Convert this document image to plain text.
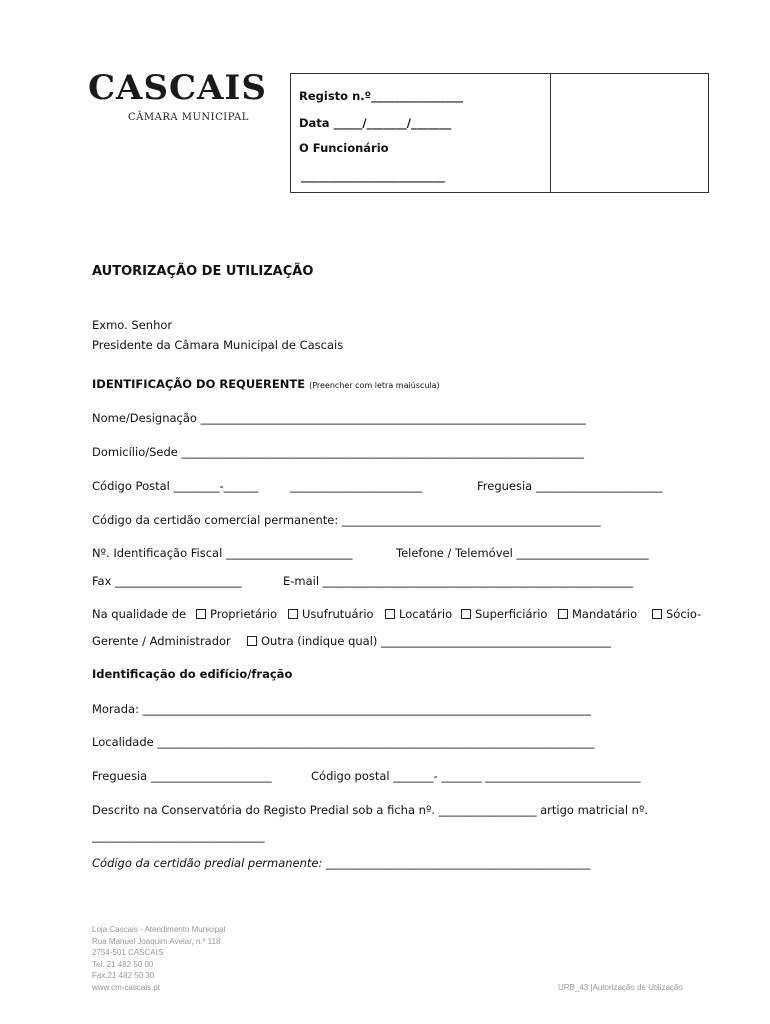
CASCAIS
CÂMARA MUNICIPAL
Registo n.º________________
Data _____/_______/_______
O Funcionário
_________________________
AUTORIZAÇÃO DE UTILIZAÇÃO
Exmo. Senhor
Presidente da Câmara Municipal de Cascais
IDENTIFICAÇÃO DO REQUERENTE (Preencher com letra maiúscula)
Nome/Designação ___________________________________________________________________
Domicílio/Sede ______________________________________________________________________
Código Postal ________-______	_______________________	Freguesia ______________________
Código da certidão comercial permanente: _____________________________________________
Nº. Identificação Fiscal ______________________	Telefone / Telemóvel _______________________
Fax ______________________	E-mail ______________________________________________________
Na qualidade de	Proprietário	Usufrutuário	Locatário	Superficiário	Mandatário	Sócio-
Gerente / Administrador	Outra (indique qual) ________________________________________
Identificação do edifício/fração
Morada: ______________________________________________________________________________
Localidade ____________________________________________________________________________
Freguesia _____________________	Código postal _______- _______ ___________________________
Descrito na Conservatória do Registo Predial sob a ficha nº. _________________ artigo matricial nº.
______________________________
Código da certidão predial permanente: ______________________________________________
Loja Cascais - Atendimento Municipal
Rua Manuel Joaquim Avelar, n.º 118
2754-501 CASCAIS
Tel. 21 482 50 00
Fax.21 482 50 30
www.cm-cascais.pt	URB_43 |Autorização de Utilização
